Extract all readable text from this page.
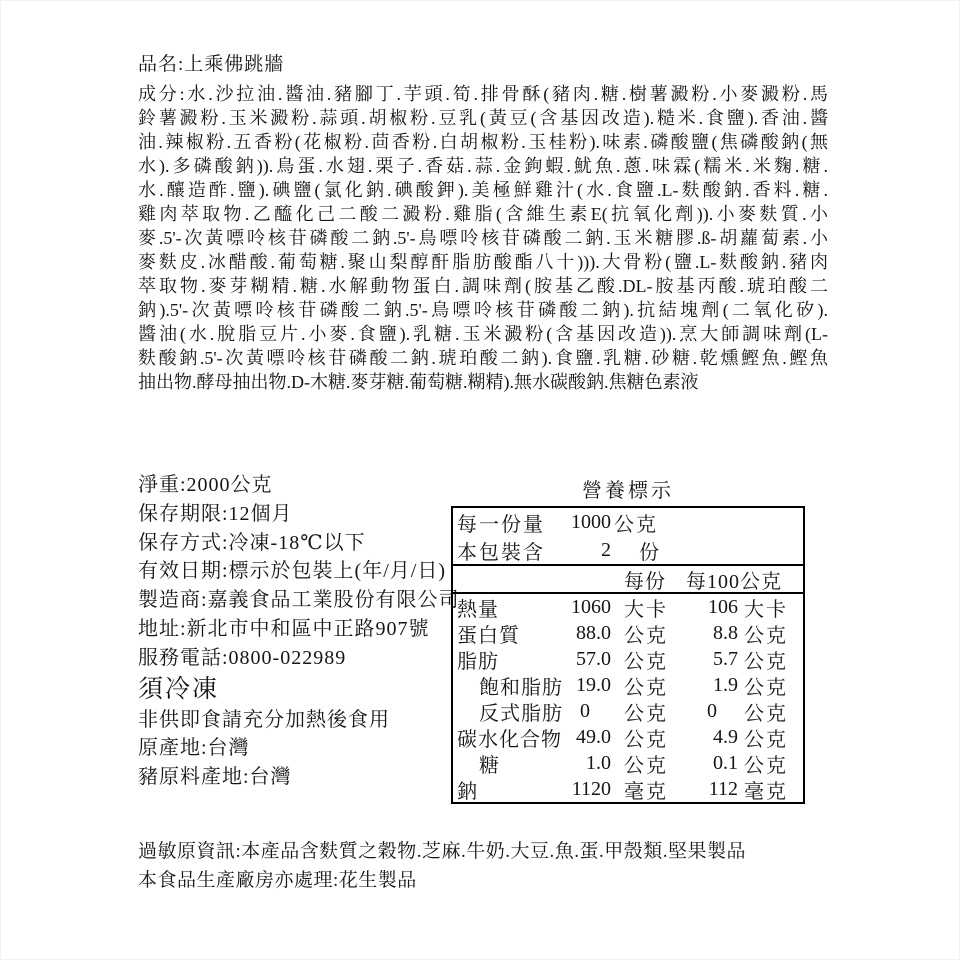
品名:上乘佛跳牆
成分:水.沙拉油.醬油.豬腳丁.芋頭.筍.排骨酥(豬肉.糖.樹薯澱粉.小麥澱粉.馬
鈴薯澱粉.玉米澱粉.蒜頭.胡椒粉.豆乳(黃豆(含基因改造).糙米.食鹽).香油.醬
油.辣椒粉.五香粉(花椒粉.茴香粉.白胡椒粉.玉桂粉).味素.磷酸鹽(焦磷酸鈉(無
水).多磷酸鈉)).鳥蛋.水翅.栗子.香菇.蒜.金鉤蝦.魷魚.蔥.味霖(糯米.米麴.糖.
水.釀造酢.鹽).碘鹽(氯化鈉.碘酸鉀).美極鮮雞汁(水.食鹽.L-麩酸鈉.香料.糖.
雞肉萃取物.乙醯化己二酸二澱粉.雞脂(含維生素E(抗氧化劑)).小麥麩質.小
麥.5'-次黃嘌呤核苷磷酸二鈉.5'-鳥嘌呤核苷磷酸二鈉.玉米糖膠.ß-胡蘿蔔素.小
麥麩皮.冰醋酸.葡萄糖.聚山梨醇酐脂肪酸酯八十))).大骨粉(鹽.L-麩酸鈉.豬肉
萃取物.麥芽糊精.糖.水解動物蛋白.調味劑(胺基乙酸.DL-胺基丙酸.琥珀酸二
鈉).5'-次黃嘌呤核苷磷酸二鈉.5'-鳥嘌呤核苷磷酸二鈉).抗結塊劑(二氧化矽).
醬油(水.脫脂豆片.小麥.食鹽).乳糖.玉米澱粉(含基因改造)).烹大師調味劑(L-
麩酸鈉.5'-次黃嘌呤核苷磷酸二鈉.琥珀酸二鈉).食鹽.乳糖.砂糖.乾燻鰹魚.鰹魚
抽出物.酵母抽出物.D-木糖.麥芽糖.葡萄糖.糊精).無水碳酸鈉.焦糖色素液
淨重:2000公克
保存期限:12個月
保存方式:冷凍-18℃以下
有效日期:標示於包裝上(年/月/日)
製造商:嘉義食品工業股份有限公司
地址:新北市中和區中正路907號
服務電話:0800-022989
須冷凍
非供即食請充分加熱後食用
原產地:台灣
豬原料產地:台灣
營養標示
每一份量	1000 公克
本包裝含	2 份
每份 每100公克
熱量	1060 大卡	106 大卡
蛋白質	88.0 公克	8.8 公克
脂肪	57.0 公克	5.7 公克
飽和脂肪 19.0 公克	1.9 公克
反式脂肪 0	公克	0	公克
碳水化合物 49.0 公克	4.9 公克
糖	1.0 公克	0.1 公克
鈉	1120 毫克	112 毫克
過敏原資訊:本產品含麩質之穀物.芝麻.牛奶.大豆.魚.蛋.甲殼類.堅果製品
本食品生產廠房亦處理:花生製品
